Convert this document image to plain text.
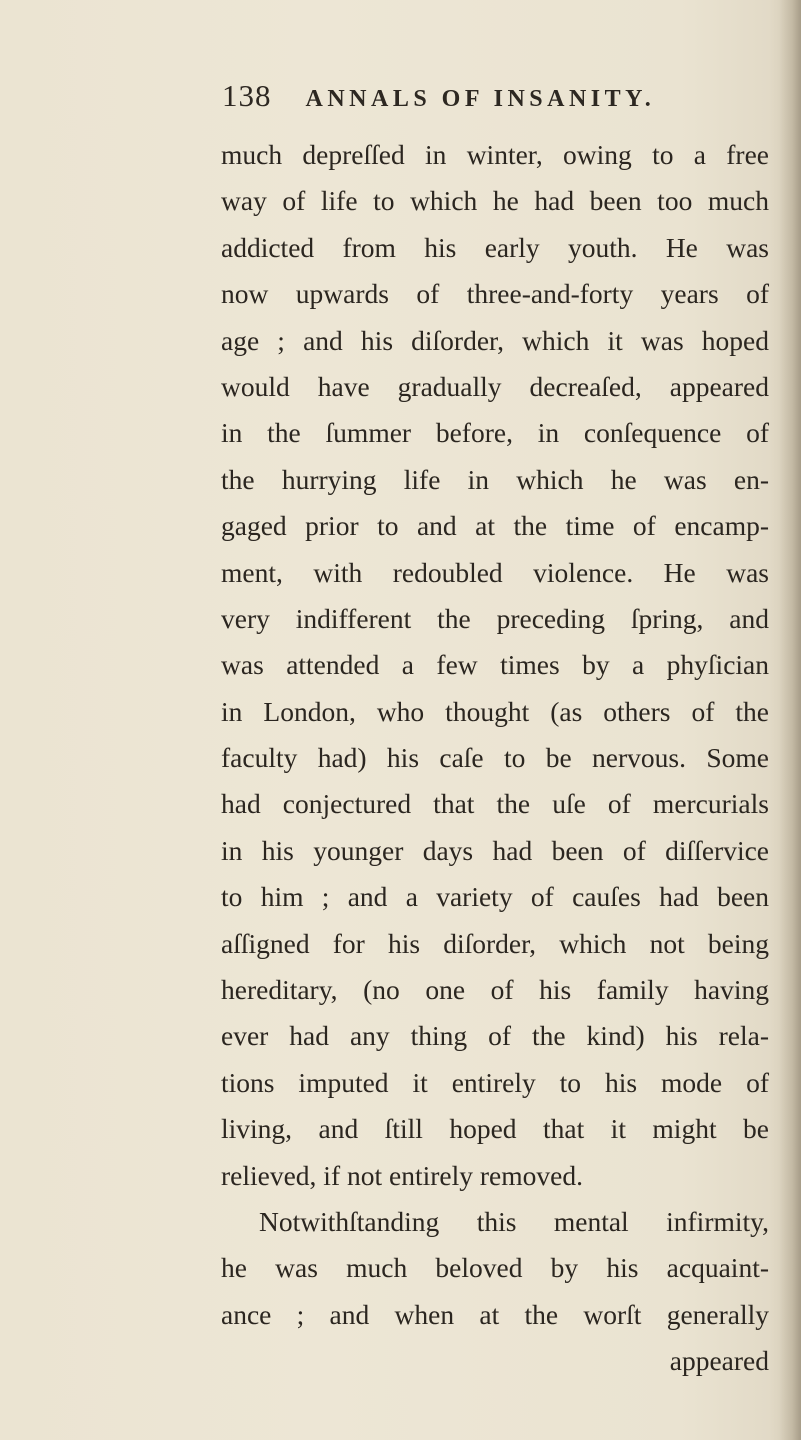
138 ANNALS OF INSANITY.
much depreſſed in winter, owing to a free
way of life to which he had been too much
addicted from his early youth. He was
now upwards of three-and-forty years of
age ; and his diſorder, which it was hoped
would have gradually decreaſed, appeared
in the ſummer before, in conſequence of
the hurrying life in which he was en-
gaged prior to and at the time of encamp-
ment, with redoubled violence. He was
very indifferent the preceding ſpring, and
was attended a few times by a phyſician
in London, who thought (as others of the
faculty had) his caſe to be nervous. Some
had conjectured that the uſe of mercurials
in his younger days had been of diſſervice
to him ; and a variety of cauſes had been
aſſigned for his diſorder, which not being
hereditary, (no one of his family having
ever had any thing of the kind) his rela-
tions imputed it entirely to his mode of
living, and ſtill hoped that it might be
relieved, if not entirely removed.
Notwithſtanding this mental infirmity,
he was much beloved by his acquaint-
ance ; and when at the worſt generally
appeared
